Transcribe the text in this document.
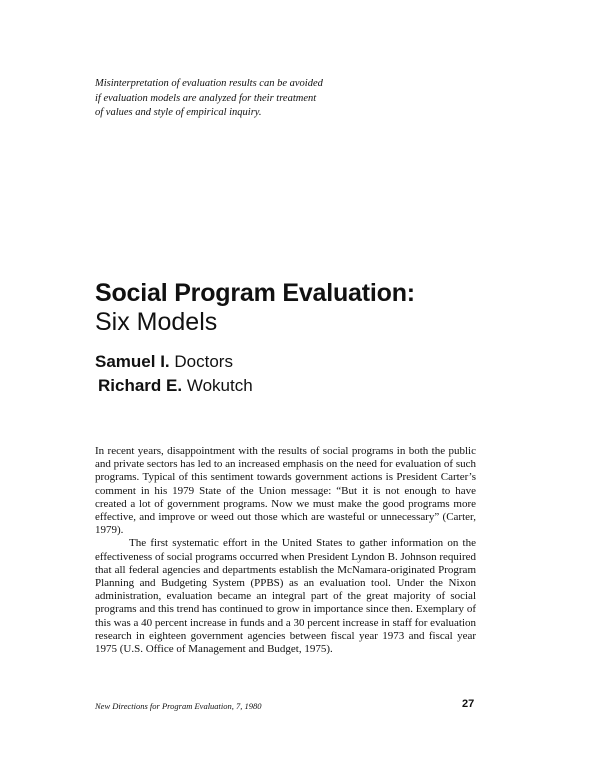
Misinterpretation of evaluation results can be avoided
if evaluation models are analyzed for their treatment
of values and style of empirical inquiry.
Social Program Evaluation:
Six Models
Samuel I. Doctors
Richard E. Wokutch

In recent years, disappointment with the results of social programs in both the public and private sectors has led to an increased emphasis on the need for evaluation of such programs. Typical of this sentiment towards government actions is President Carter’s comment in his 1979 State of the Union message: “But it is not enough to have created a lot of government programs. Now we must make the good programs more effective, and improve or weed out those which are wasteful or unnecessary” (Carter, 1979).

The first systematic effort in the United States to gather information on the effectiveness of social programs occurred when President Lyndon B. Johnson required that all federal agencies and departments establish the McNamara-originated Program Planning and Budgeting System (PPBS) as an evaluation tool. Under the Nixon administration, evaluation became an integral part of the great majority of social programs and this trend has continued to grow in importance since then. Exemplary of this was a 40 percent increase in funds and a 30 percent increase in staff for evaluation research in eighteen government agencies between fiscal year 1973 and fiscal year 1975 (U.S. Office of Management and Budget, 1975).

New Directions for Program Evaluation, 7, 1980	27
